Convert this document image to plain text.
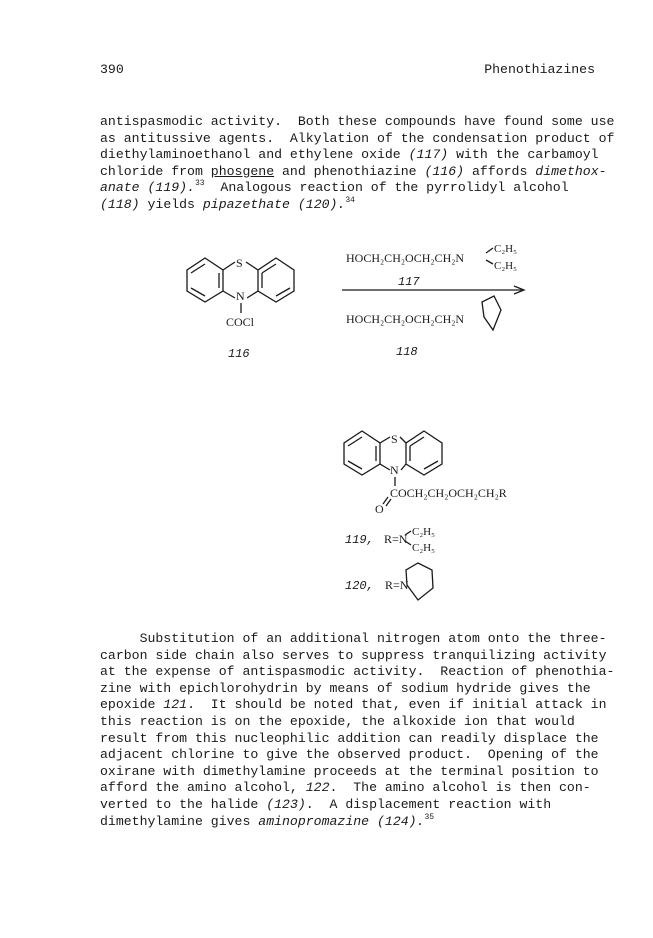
390	Phenothiazines
antispasmodic activity.  Both these compounds have found some use
as antitussive agents.  Alkylation of the condensation product of
diethylaminoethanol and ethylene oxide (117) with the carbamoyl
chloride from phosgene and phenothiazine (116) affords dimethox-
anate (119).$^{33}$  Analogous reaction of the pyrrolidyl alcohol
(118) yields pipazethate (120).$^{34}$
S
N
COCl
116
HOCH₂CH₂OCH₂CH₂N
C₂H₅
C₂H₅
117
HOCH₂CH₂OCH₂CH₂N
118
S
N
COCH₂CH₂OCH₂CH₂R
O
119, R=N C₂H₅
C₂H₅
120, R=N
Substitution of an additional nitrogen atom onto the three-
carbon side chain also serves to suppress tranquilizing activity
at the expense of antispasmodic activity.  Reaction of phenothia-
zine with epichlorohydrin by means of sodium hydride gives the
epoxide 121.  It should be noted that, even if initial attack in
this reaction is on the epoxide, the alkoxide ion that would
result from this nucleophilic addition can readily displace the
adjacent chlorine to give the observed product.  Opening of the
oxirane with dimethylamine proceeds at the terminal position to
afford the amino alcohol, 122.  The amino alcohol is then con-
verted to the halide (123).  A displacement reaction with
dimethylamine gives aminopromazine (124).$^{35}$
